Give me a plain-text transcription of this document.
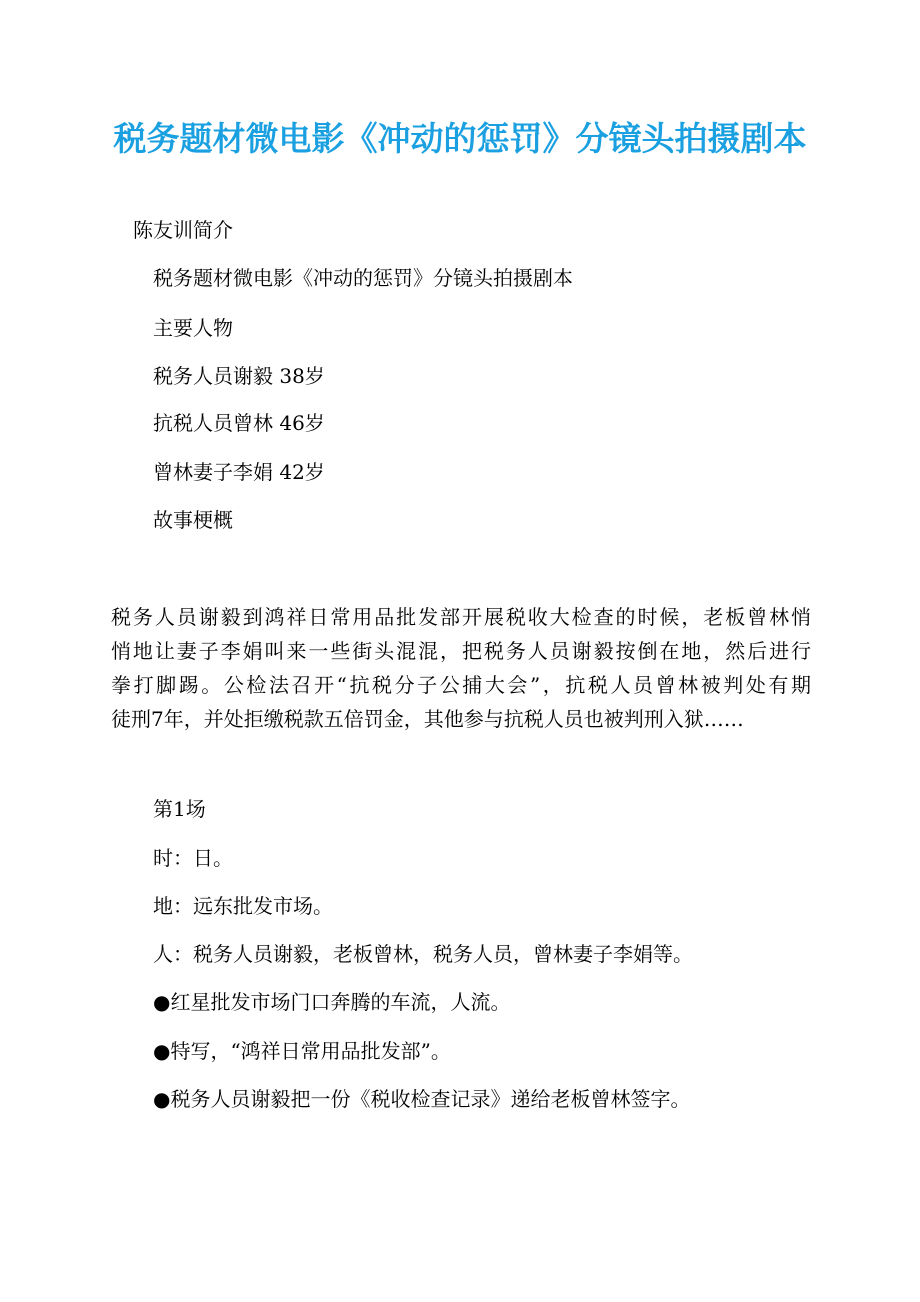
税务题材微电影《冲动的惩罚》分镜头拍摄剧本

陈友训简介

税务题材微电影《冲动的惩罚》分镜头拍摄剧本

主要人物

税务人员谢毅 38岁

抗税人员曾林 46岁

曾林妻子李娟 42岁

故事梗概

税务人员谢毅到鸿祥日常用品批发部开展税收大检查的时候，老板曾林悄
悄地让妻子李娟叫来一些街头混混，把税务人员谢毅按倒在地，然后进行
拳打脚踢。公检法召开“抗税分子公捕大会”，抗税人员曾林被判处有期
徒刑7年，并处拒缴税款五倍罚金，其他参与抗税人员也被判刑入狱……

第1场

时：日。

地：远东批发市场。

人：税务人员谢毅，老板曾林，税务人员，曾林妻子李娟等。

●红星批发市场门口奔腾的车流，人流。

●特写，“鸿祥日常用品批发部”。

●税务人员谢毅把一份《税收检查记录》递给老板曾林签字。
